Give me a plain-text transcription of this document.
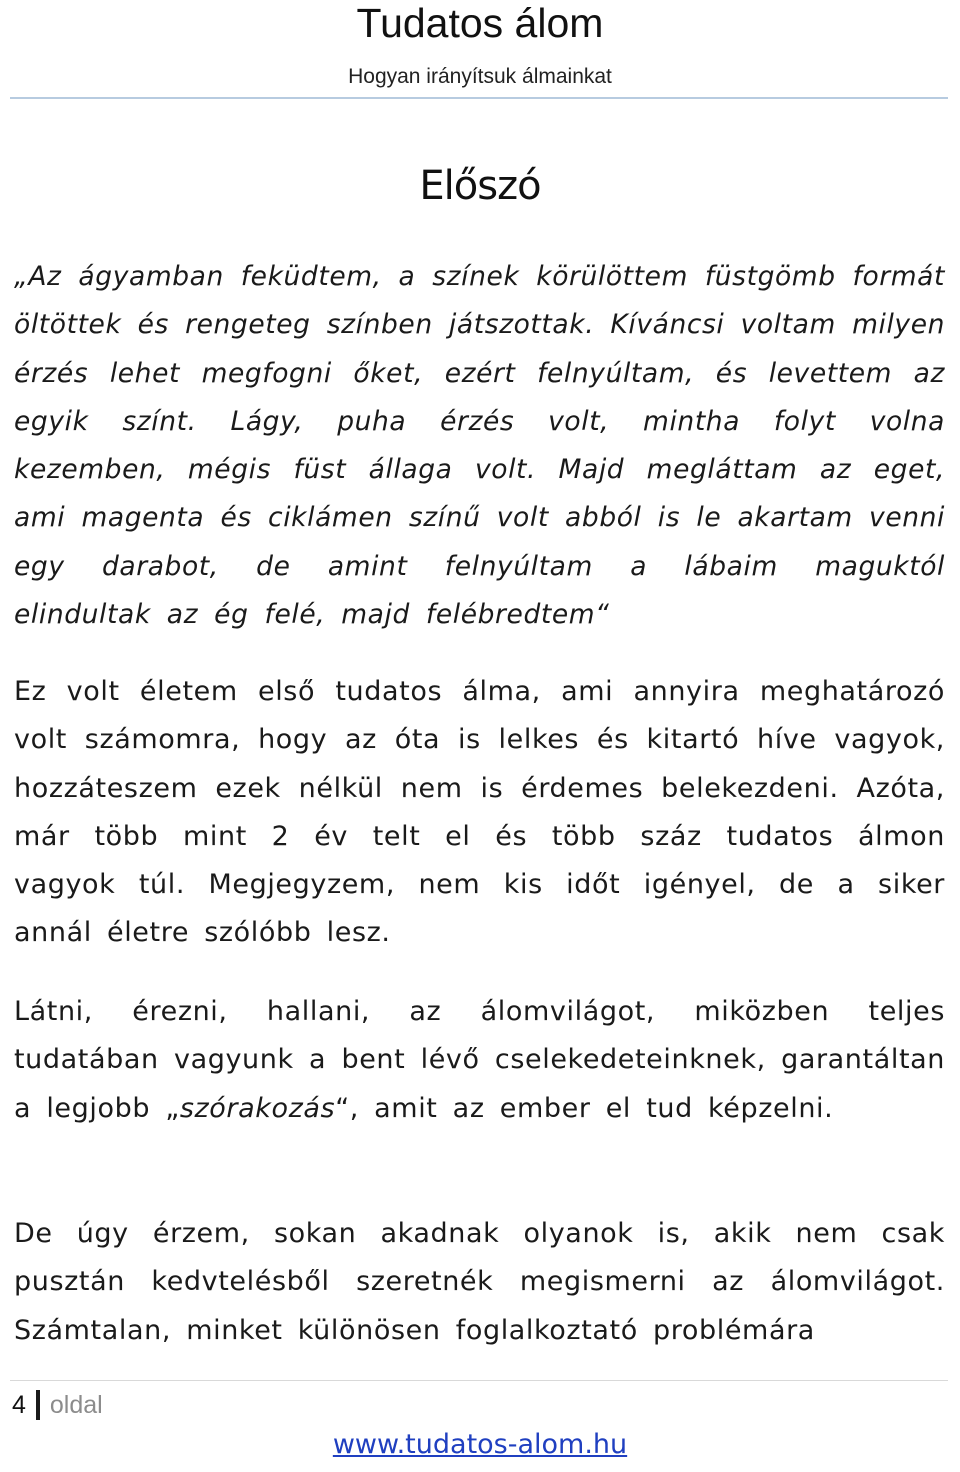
Tudatos álom
Hogyan irányítsuk álmainkat
Előszó

„Az ágyamban feküdtem, a színek körülöttem füstgömb formát öltöttek és rengeteg színben játszottak. Kíváncsi voltam milyen érzés lehet megfogni őket, ezért felnyúltam, és levettem az egyik színt. Lágy, puha érzés volt, mintha folyt volna kezemben, mégis füst állaga volt. Majd megláttam az eget, ami magenta és ciklámen színű volt abból is le akartam venni egy darabot, de amint felnyúltam a lábaim maguktól elindultak az ég felé, majd felébredtem“

Ez volt életem első tudatos álma, ami annyira meghatározó volt számomra, hogy az óta is lelkes és kitartó híve vagyok, hozzáteszem ezek nélkül nem is érdemes belekezdeni. Azóta, már több mint 2 év telt el és több száz tudatos álmon vagyok túl. Megjegyzem, nem kis időt igényel, de a siker annál életre szólóbb lesz.

Látni, érezni, hallani, az álomvilágot, miközben teljes tudatában vagyunk a bent lévő cselekedeteinknek, garantáltan a legjobb „szórakozás“, amit az ember el tud képzelni.

De úgy érzem, sokan akadnak olyanok is, akik nem csak pusztán kedvtelésből szeretnék megismerni az álomvilágot. Számtalan, minket különösen foglalkoztató problémára

4 oldal
www.tudatos-alom.hu
